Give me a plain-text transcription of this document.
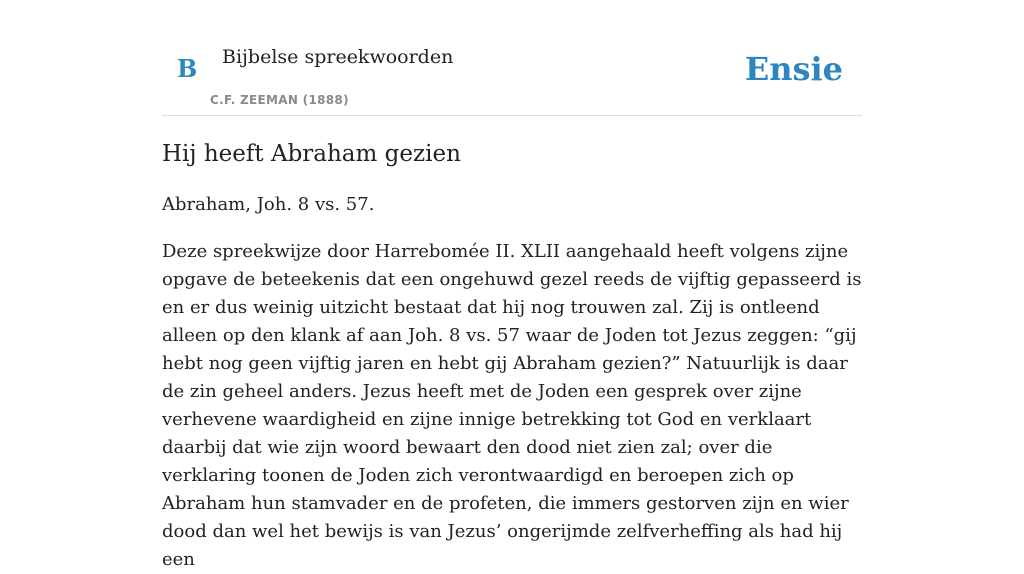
B Bijbelse spreekwoorden
C.F. ZEEMAN (1888)
Ensie
Hij heeft Abraham gezien

Abraham, Joh. 8 vs. 57.

Deze spreekwijze door Harrebomée II. XLII aangehaald heeft volgens zijne opgave de beteekenis dat een ongehuwd gezel reeds de vijftig gepasseerd is en er dus weinig uitzicht bestaat dat hij nog trouwen zal. Zij is ontleend alleen op den klank af aan Joh. 8 vs. 57 waar de Joden tot Jezus zeggen: “gij hebt nog geen vijftig jaren en hebt gij Abraham gezien?” Natuurlijk is daar de zin geheel anders. Jezus heeft met de Joden een gesprek over zijne verhevene waardigheid en zijne innige betrekking tot God en verklaart daarbij dat wie zijn woord bewaart den dood niet zien zal; over die verklaring toonen de Joden zich verontwaardigd en beroepen zich op Abraham hun stamvader en de profeten, die immers gestorven zijn en wier dood dan wel het bewijs is van Jezus’ ongerijmde zelfverheffing als had hij een
